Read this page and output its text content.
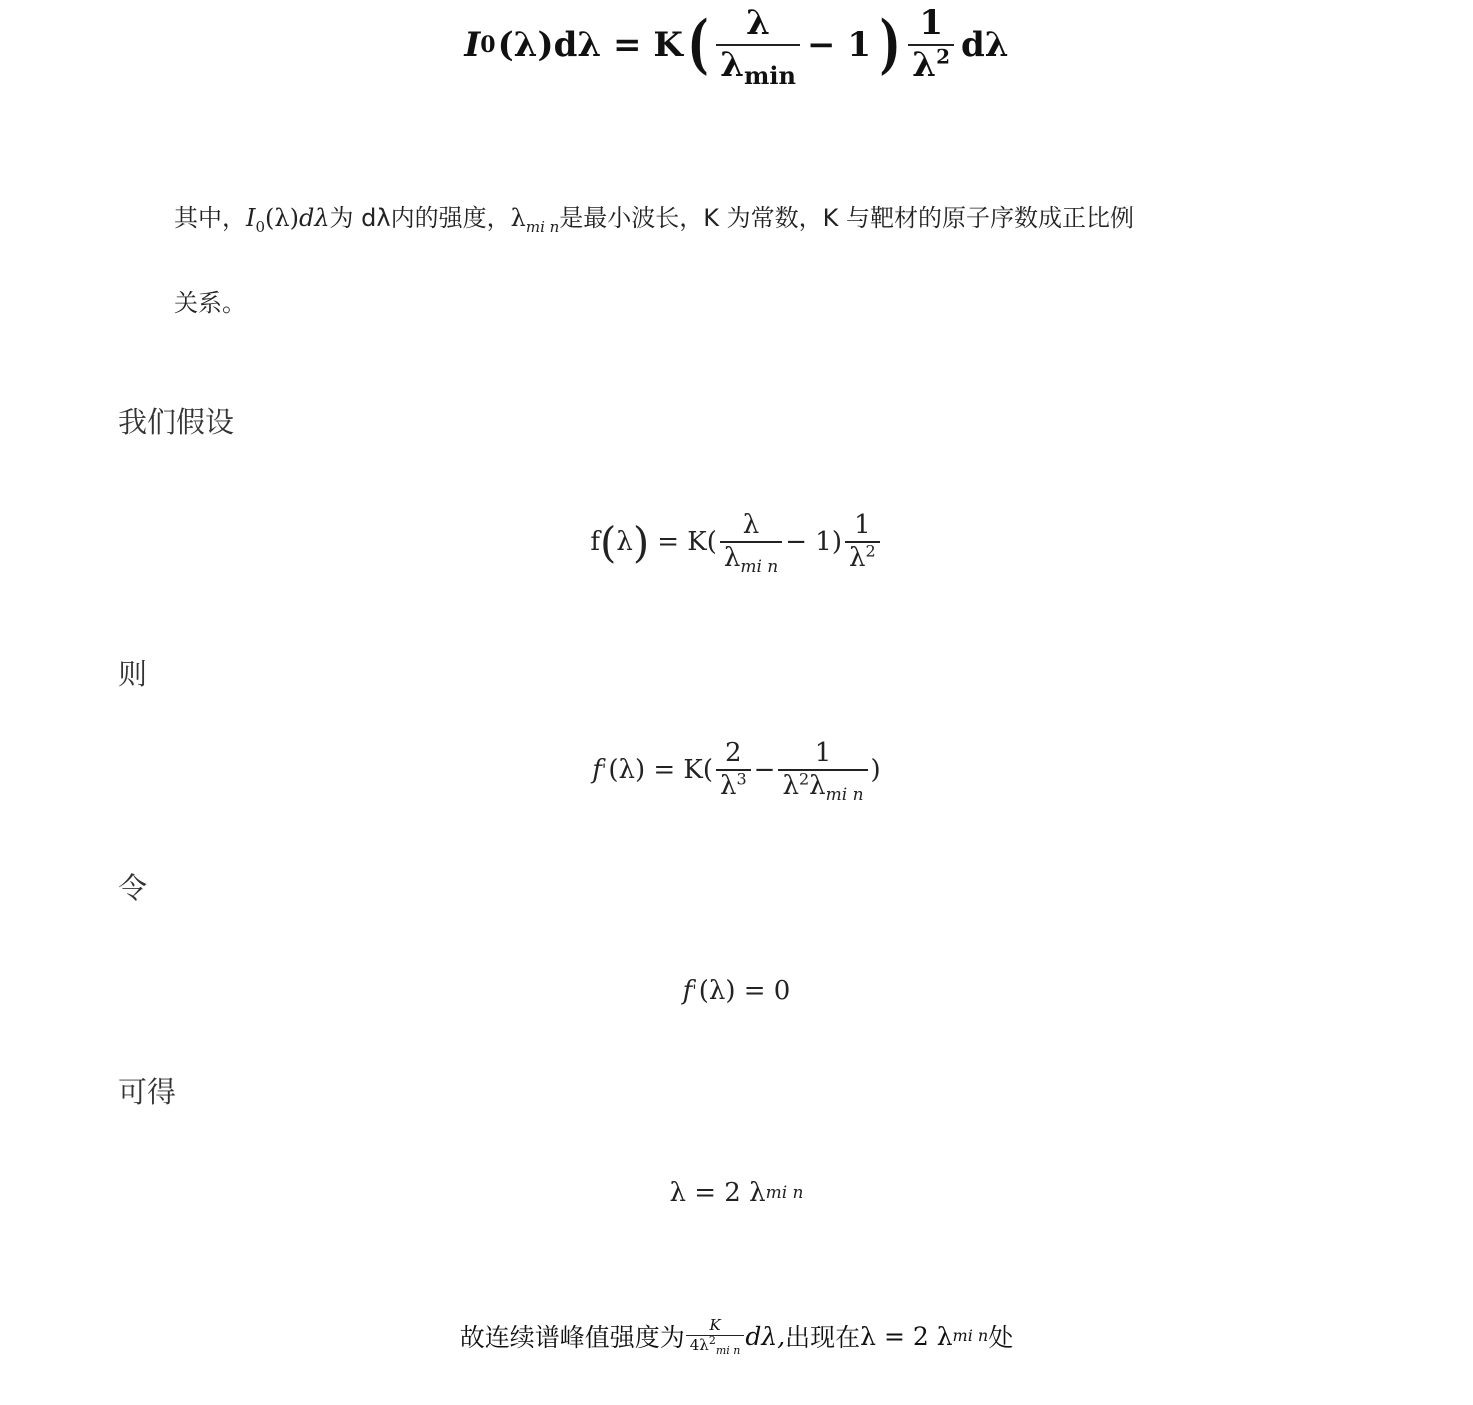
I 0 (λ)dλ = K ( $\frac{\lambda}{\lambda_{min}} - 1$ ) $\frac{1}{\lambda^2}$ dλ
其中，$I_0(\lambda)d\lambda$为 dλ内的强度，$\lambda_{mi n}$是最小波长，K 为常数，K 与靶材的原子序数成正比例
关系。
我们假设
f ( λ ) = $K( \frac{\lambda}{\lambda_{mi n}} - 1) \frac{1}{\lambda^2}$
则
f ' $(\lambda) = K( \frac{2}{\lambda^3} - \frac{1}{\lambda^2\lambda_{mi n}}$ )
令
f ' (λ) = 0
可得
λ = 2 λ mi n
故连续谱峰值强度为 $\frac{K}{4\lambda^2_{mi n}} d\lambda$, 出现在 λ = 2 λ mi n 处
